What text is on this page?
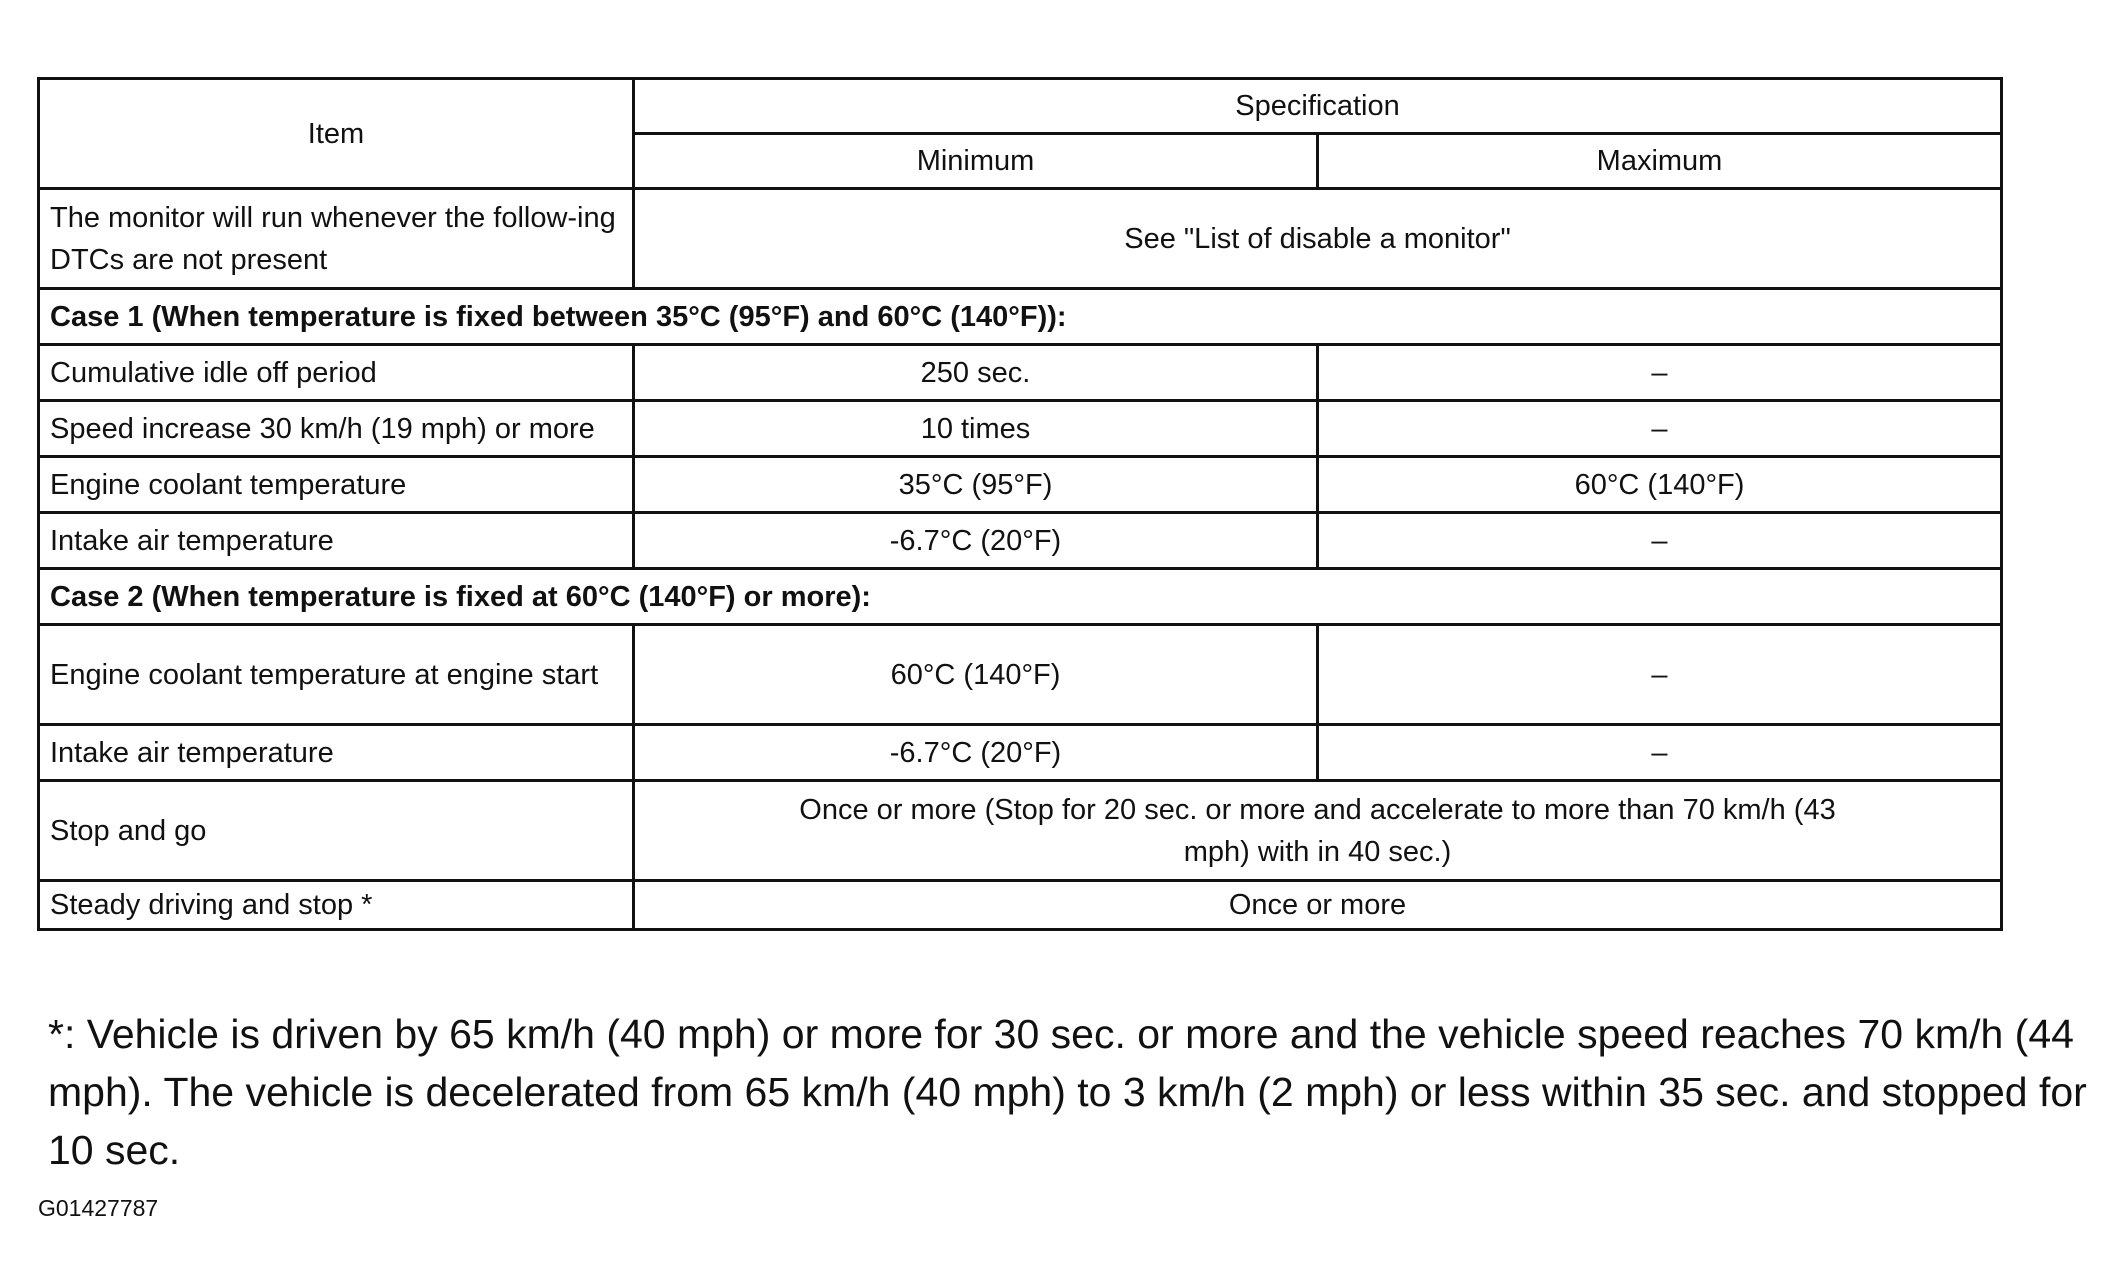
Item	Specification	
	Minimum	Maximum
The monitor will run whenever the follow-ing DTCs are not present	See "List of disable a monitor"	
Case 1 (When temperature is fixed between 35°C (95°F) and 60°C (140°F)):		
Cumulative idle off period	250 sec.	–
Speed increase 30 km/h (19 mph) or more	10 times	–
Engine coolant temperature	35°C (95°F)	60°C (140°F)
Intake air temperature	-6.7°C (20°F)	–
Case 2 (When temperature is fixed at 60°C (140°F) or more):		
Engine coolant temperature at engine start	60°C (140°F)	–
Intake air temperature	-6.7°C (20°F)	–
Stop and go	Once or more (Stop for 20 sec. or more and accelerate to more than 70 km/h (43 mph) with in 40 sec.)	
Steady driving and stop *	Once or more	

*: Vehicle is driven by 65 km/h (40 mph) or more for 30 sec. or more and the vehicle speed reaches 70 km/h (44 mph). The vehicle is decelerated from 65 km/h (40 mph) to 3 km/h (2 mph) or less within 35 sec. and stopped for 10 sec.

G01427787
